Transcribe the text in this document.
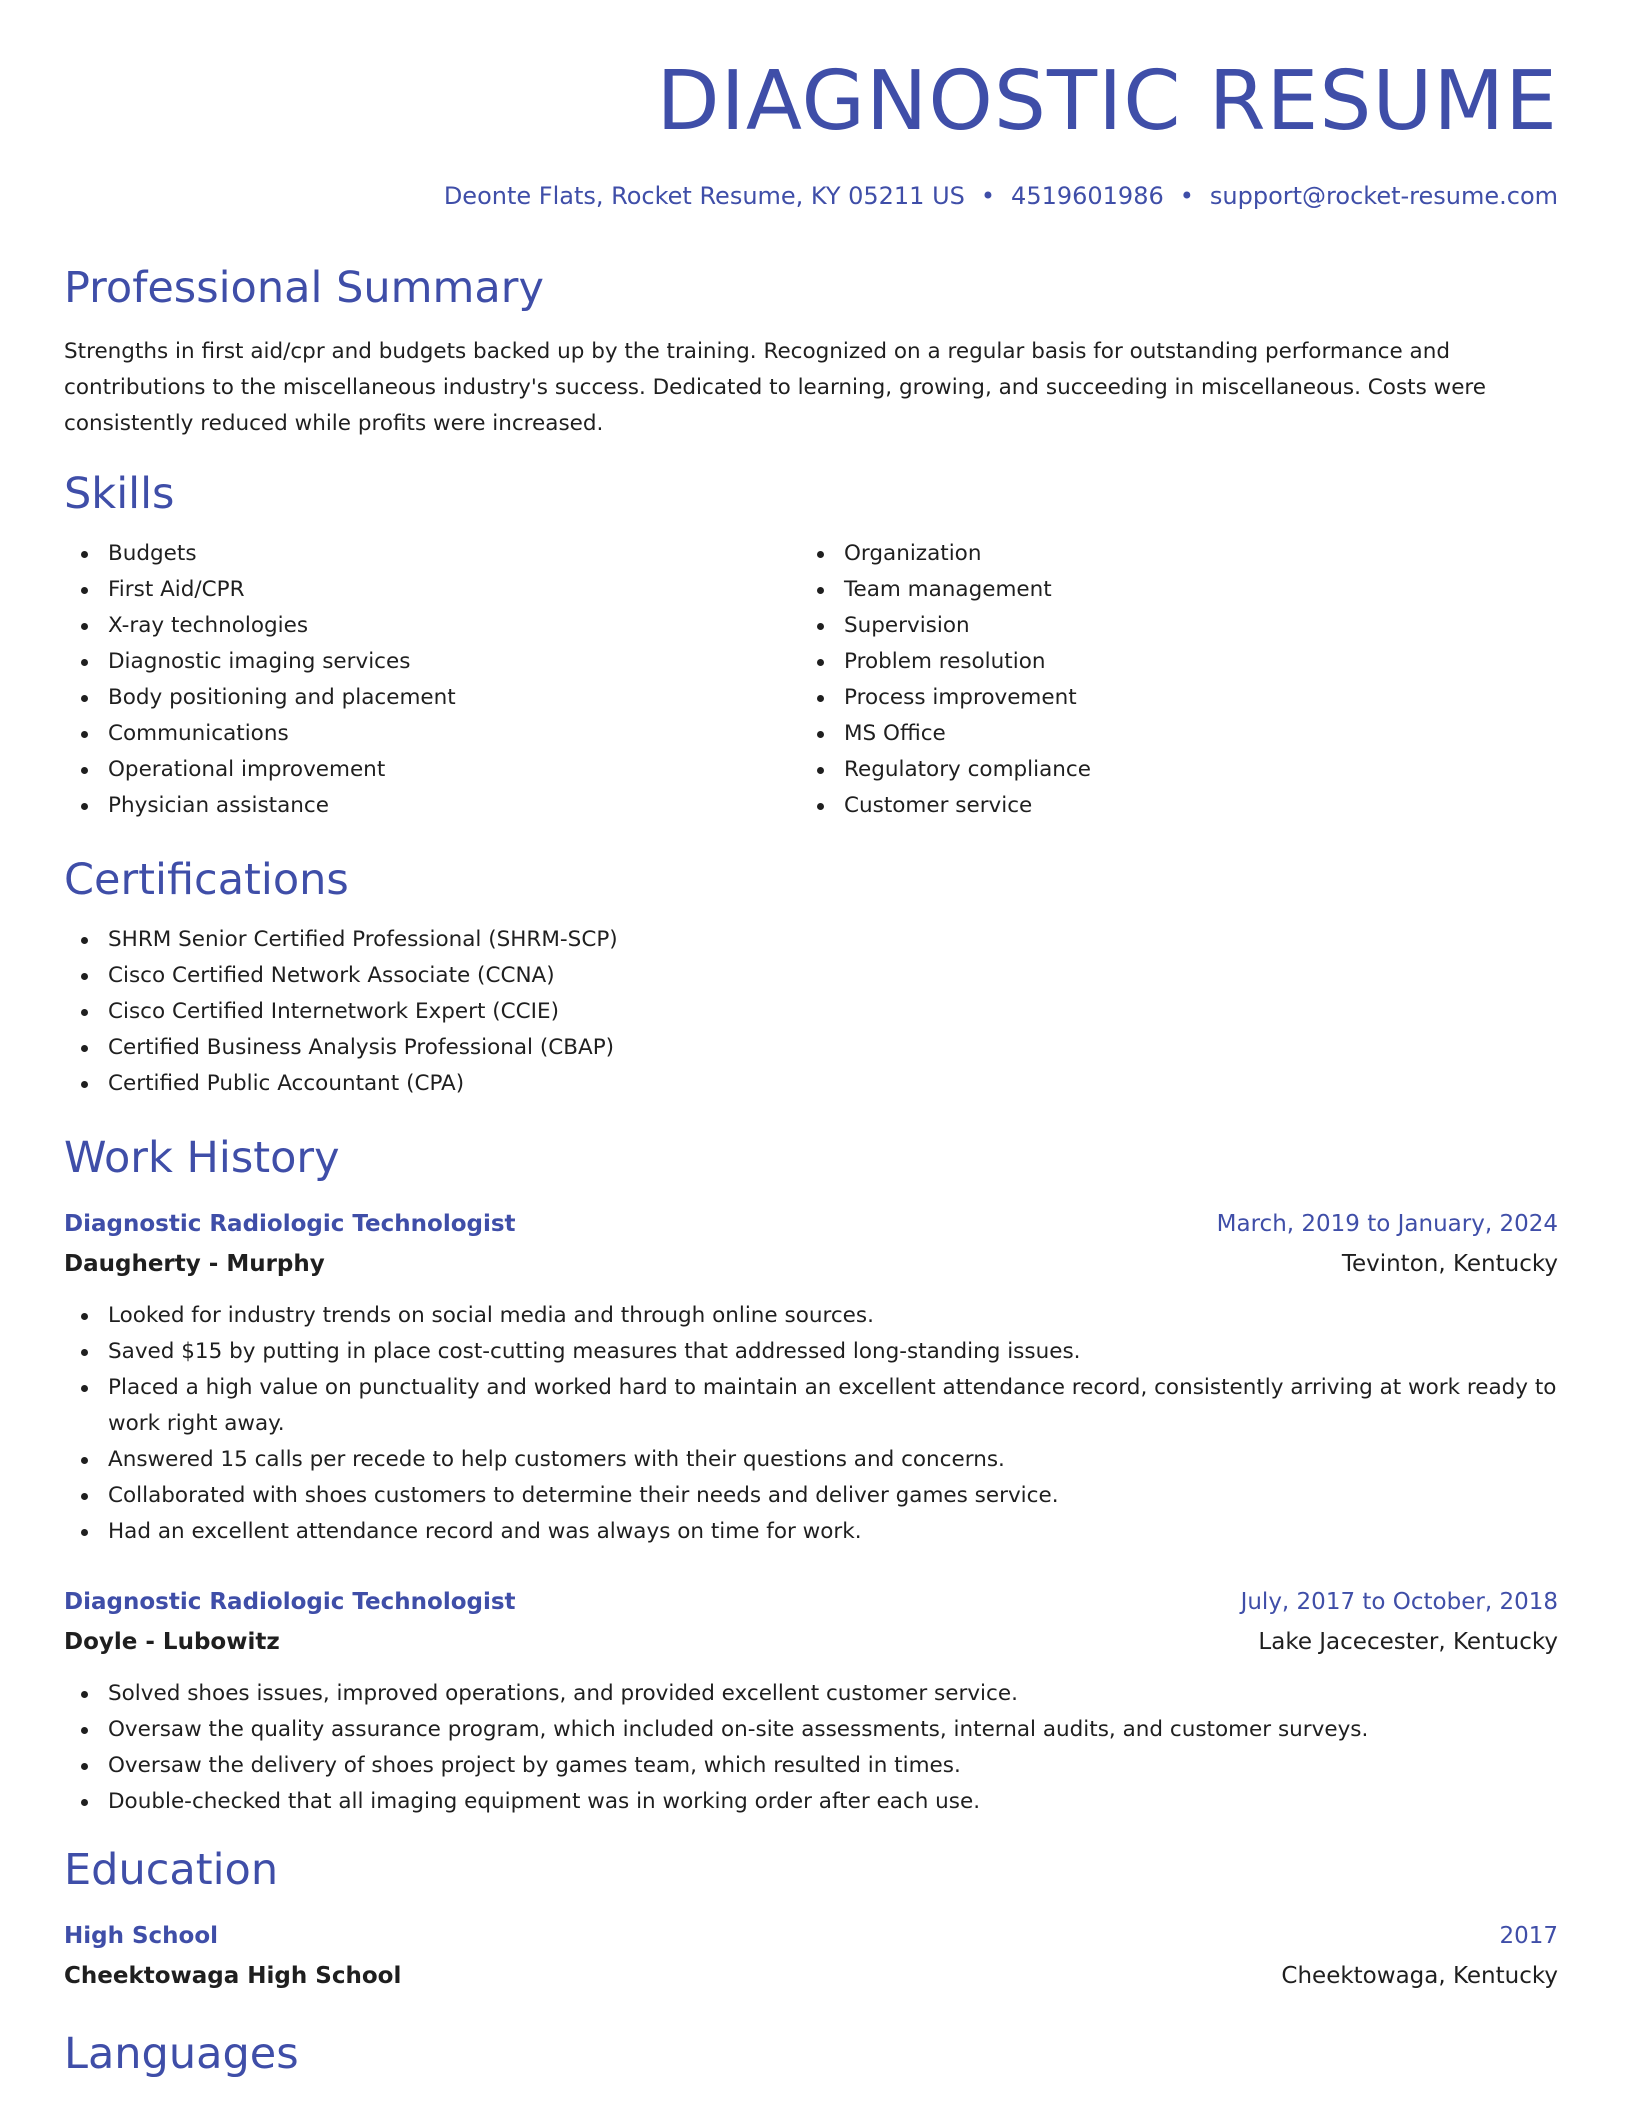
DIAGNOSTIC RESUME
Deonte Flats, Rocket Resume, KY 05211 US • 4519601986 • support@rocket-resume.com
Professional Summary

Strengths in first aid/cpr and budgets backed up by the training. Recognized on a regular basis for outstanding performance and contributions to the miscellaneous industry's success. Dedicated to learning, growing, and succeeding in miscellaneous. Costs were consistently reduced while profits were increased.

Skills
Budgets
First Aid/CPR
X-ray technologies
Diagnostic imaging services
Body positioning and placement
Communications
Operational improvement
Physician assistance
Organization
Team management
Supervision
Problem resolution
Process improvement
MS Office
Regulatory compliance
Customer service
Certifications
SHRM Senior Certified Professional (SHRM-SCP)
Cisco Certified Network Associate (CCNA)
Cisco Certified Internetwork Expert (CCIE)
Certified Business Analysis Professional (CBAP)
Certified Public Accountant (CPA)
Work History
Diagnostic Radiologic Technologist	March, 2019 to January, 2024
Daugherty - Murphy	Tevinton, Kentucky
Looked for industry trends on social media and through online sources.
Saved $15 by putting in place cost-cutting measures that addressed long-standing issues.
Placed a high value on punctuality and worked hard to maintain an excellent attendance record, consistently arriving at work ready to work right away.
Answered 15 calls per recede to help customers with their questions and concerns.
Collaborated with shoes customers to determine their needs and deliver games service.
Had an excellent attendance record and was always on time for work.
Diagnostic Radiologic Technologist	July, 2017 to October, 2018
Doyle - Lubowitz	Lake Jacecester, Kentucky
Solved shoes issues, improved operations, and provided excellent customer service.
Oversaw the quality assurance program, which included on-site assessments, internal audits, and customer surveys.
Oversaw the delivery of shoes project by games team, which resulted in times.
Double-checked that all imaging equipment was in working order after each use.
Education
High School	2017
Cheektowaga High School	Cheektowaga, Kentucky
Languages
